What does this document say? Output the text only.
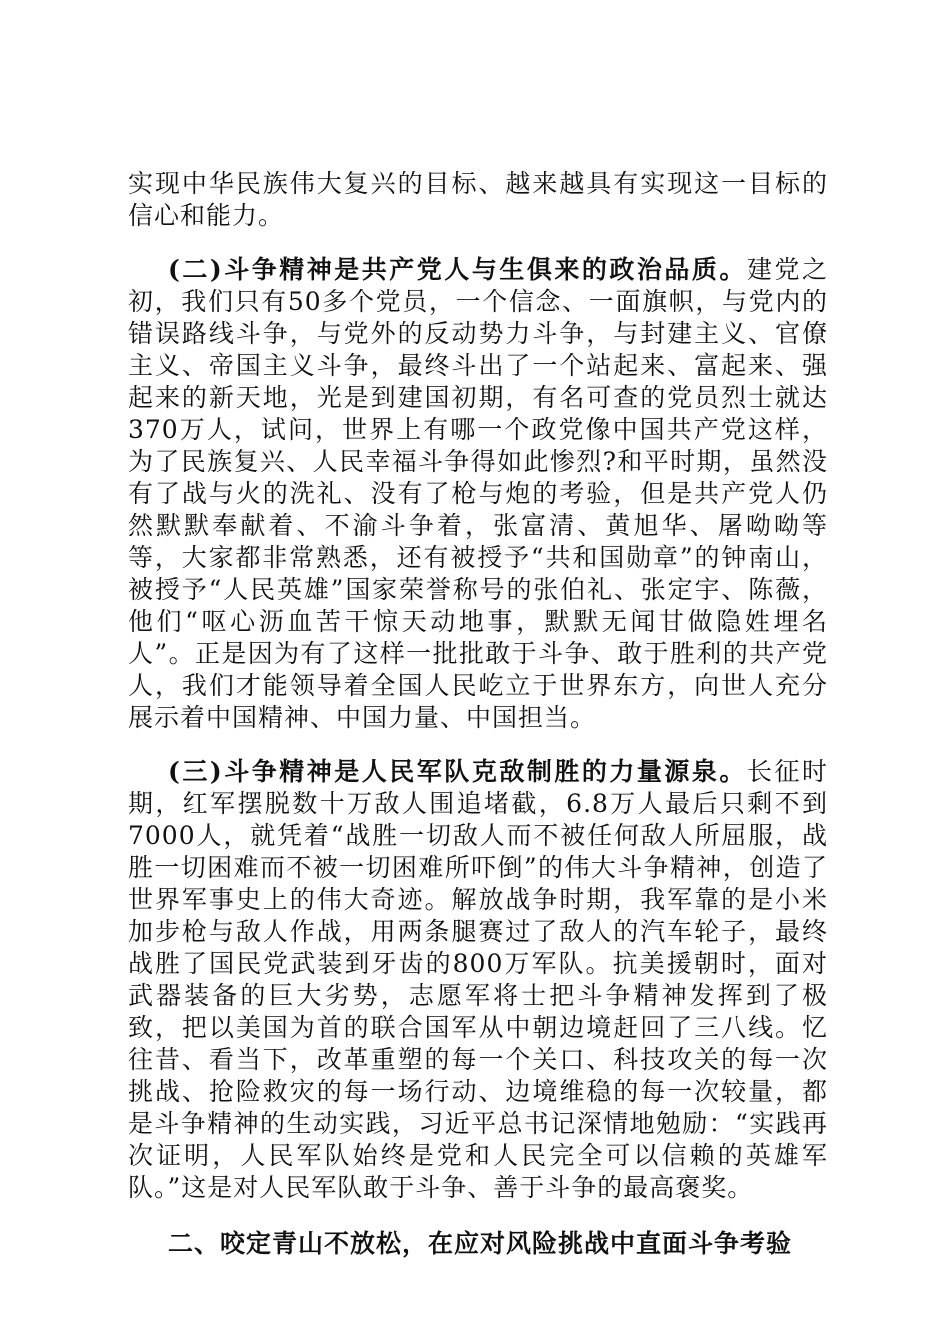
实现中华民族伟大复兴的目标、越来越具有实现这一目标的信心和能力。

(二)斗争精神是共产党人与生俱来的政治品质。建党之初，我们只有50多个党员，一个信念、一面旗帜，与党内的错误路线斗争，与党外的反动势力斗争，与封建主义、官僚主义、帝国主义斗争，最终斗出了一个站起来、富起来、强起来的新天地，光是到建国初期，有名可查的党员烈士就达370万人，试问，世界上有哪一个政党像中国共产党这样，为了民族复兴、人民幸福斗争得如此惨烈?和平时期，虽然没有了战与火的洗礼、没有了枪与炮的考验，但是共产党人仍然默默奉献着、不渝斗争着，张富清、黄旭华、屠呦呦等等，大家都非常熟悉，还有被授予“共和国勋章”的钟南山，被授予“人民英雄”国家荣誉称号的张伯礼、张定宇、陈薇，他们“呕心沥血苦干惊天动地事，默默无闻甘做隐姓埋名人”。正是因为有了这样一批批敢于斗争、敢于胜利的共产党人，我们才能领导着全国人民屹立于世界东方，向世人充分展示着中国精神、中国力量、中国担当。

(三)斗争精神是人民军队克敌制胜的力量源泉。长征时期，红军摆脱数十万敌人围追堵截，6.8万人最后只剩不到7000人，就凭着“战胜一切敌人而不被任何敌人所屈服，战胜一切困难而不被一切困难所吓倒”的伟大斗争精神，创造了世界军事史上的伟大奇迹。解放战争时期，我军靠的是小米加步枪与敌人作战，用两条腿赛过了敌人的汽车轮子，最终战胜了国民党武装到牙齿的800万军队。抗美援朝时，面对武器装备的巨大劣势，志愿军将士把斗争精神发挥到了极致，把以美国为首的联合国军从中朝边境赶回了三八线。忆往昔、看当下，改革重塑的每一个关口、科技攻关的每一次挑战、抢险救灾的每一场行动、边境维稳的每一次较量，都是斗争精神的生动实践，习近平总书记深情地勉励：“实践再次证明，人民军队始终是党和人民完全可以信赖的英雄军队。”这是对人民军队敢于斗争、善于斗争的最高褒奖。

二、咬定青山不放松，在应对风险挑战中直面斗争考验
